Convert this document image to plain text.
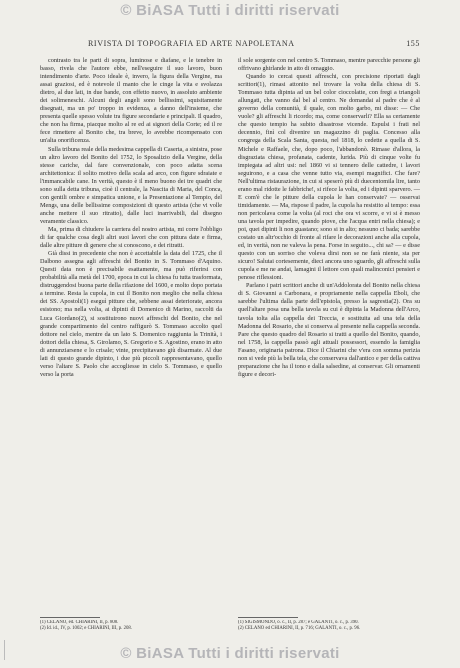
© BiASA Tutti i diritti riservati
RIVISTA DI TOPOGRAFIA ED ARTE NAPOLETANA	155

contrasto tra le parti di sopra, luminose e diafane, e le tenebre in basso, rivela che l'autore ebbe, nell'eseguire il suo lavoro, buon intendimento d'arte. Poco ideale è, invero, la figura della Vergine, ma assai graziosi, ed è notevole il manto che le cinge la vita e svolazza dietro, al due lati, in due bande, con effetto nuovo, in assoluto ambiente dei solimeneschi. Alcuni degli angeli sono bellissimi, squisitamente disegnati, ma un po' troppo in evidenza, a danno dell'insieme, che presenta quelle spesso volute tra figure secondarie e principali. Il quadro, che non ha firma, piacque molto al re ed ai signori della Corte; ed il re fece rimettere al Bonito che, tra breve, lo avrebbe ricompensato con un'alta onorificenza.

Sulla tribuna reale della medesima cappella di Caserta, a sinistra, pose un altro lavoro del Bonito del 1752, lo Sposalizio della Vergine, della stesse cariche, dal fare convenzionale, con poco adatta scena architettonica: il solito motivo della scala ad arco, con figure sdraiate e l'immancabile cane. In verità, questo è il meno buono dei tre quadri che sono sulla detta tribuna, cioè il centrale, la Nascita di Maria, del Conca, con gentili ombre e simpatica unione, e la Presentazione al Tempio, del Mengs, una delle bellissime composizioni di questo artista (che vi volle anche mettere il suo ritratto), dalle luci inarrivabili, dal disegno veramente classico.

Ma, prima di chiudere la carriera del nostro artista, mi corre l'obbligo di far qualche cosa degli altri suoi lavori che con pittura date e firma, dalle altre pitture di genere che si conoscono, e dei ritratti.

Già dissi in precedente che non è accettabile la data del 1725, che il Dalbono assegna agli affreschi del Bonito in S. Tommaso d'Aquino. Questi data non è precisabile esattamente, ma può riferirsi con probabilità alla metà del 1700, epoca in cui la chiesa fu tutta trasformata, distruggendosi buona parte della rifazione del 1600, e molto dopo portata a termine. Resta la cupola, in cui il Bonito non meglio che nella chiesa dei SS. Apostoli(1) eseguì pitture che, sebbene assai deteriorate, ancora esistono; ma nella volta, ai dipinti di Domenico di Marino, raccolti da Luca Giordano(2), si sostituirono nuovi affreschi del Bonito, che nel grande compartimento del centro raffigurò S. Tommaso accolto quel dottore nel cielo, mentre da un lato S. Domenico raggiunta la Trinità, i dottori della chiesa, S. Girolamo, S. Gregorio e S. Agostino, erano in atto di annunziarsene e lo crisale; vinte, precipitavano giù disarmate. Al due lati di questo grande dipinto, i due più piccoli rappresentavano, quello verso l'altare S. Paolo che accogliesse in cielo S. Tommaso, e quello verso la porta

il sole sorgente con nel centro S. Tommaso, mentre parecchie persone gli offrivano ghirlande in atto di omaggio.

Quando io cercai questi affreschi, con precisione riportati dagli scrittori(1), rimasi attonito nel trovare la volta della chiesa di S. Tommaso tutta dipinta ad un bel color cioccolatte, con fregi a triangoli allungati, che vanno dal bel al centro. Ne domandai al padre che è al governo della comunità, il quale, con molto garbo, mi disse: — Che vuole? gli affreschi li ricordo; ma, come conservarli? Ella sa certamente che questo tempio ha subito disastrose vicende. Espulsi i frati nel decennio, finì col divenire un magazzino di paglia. Concesso alla congrega della Scala Santa, questa, nel 1818, lo cedette a quella di S. Michele e Raffaele, che, dopo poco, l'abbandonò. Rimase d'allora, la disgraziata chiesa, profanata, cadente, lurida. Più di cinque volte fu impiegata ad altri usi: nel 1860 vi si tennero delle cattedre, i lavori seguirono, e a casa che venne tutto via, esempi magnifici. Che fare? Nell'ultima ristaurazione, in cui si speserò più di duecentomila lire, tanto erano mal ridotte le fabbriche!, si rifece la volta, ed i dipinti sparvero. — E com'è che le pitture della cupola le han conservate? — osservai timidamente. — Ma, rispose il padre, la cupola ha resistito al tempo: essa non pericolava come la volta (al roci che ora vi scorre, e vi si è messo una tavola per impedire, quando piove, che l'acqua entri nella chiesa); e poi, quei dipinti li non guastano; sono si in alto; nessuno ci bada; sarebbe costato un altr'occhio di fronte al rifare le decorazioni anche alla cupola, ed, in verità, non ne valeva la pena. Forse in seguito..., chi sa? — e disse questo con un sorriso che voleva dirsi non se ne farà niente, sta per sicuro! Salutai cortesemente, dieci ancora uno sguardo, gli affreschi sulla cupola e me ne andai, lamagini il lettore con quali malinconici pensieri e penose riflessioni.

Parlano i patri scrittori anche di un'Addolorata del Bonito nella chiesa di S. Giovanni a Carbonara, e propriamente nella cappella Eboli, che sarebbe l'ultima dalla parte dell'epistola, presso la sagrestia(2). Ora su quell'altare posa una bella tavola su cui è dipinta la Madonna dell'Arco, tavola tolta alla cappella dei Treccia, e sostituita ad una tela della Madonna del Rosario, che si conserva al presente nella cappella seconda. Pare che questo quadro del Rosario si tratti a quello del Bonito, quando, nel 1758, la cappella passò agli attuali possessori, essendo la famiglia Fasano, originaria patrona. Dice il Chiarini che v'era con somma perizia non si vede più la bella tela, che conservava dall'antico e per della cattiva preparazione che ha il tono e dalla salsedine, ai conservar. Gli ornamenti figure e decori-

(1) CELANO, ed. CHIARINI, II, p. 808.
(2) Id. id., IV, p. 1002; e CHIARINI, III, p. 208.
(1) SIGISMONDO, o. c., II, p. 287; e GALANTI, o. c., p. 390.
(2) CELANO ed CHIARINI, II, p. 716; GALANTI, o. c., p. 96.
© BiASA Tutti i diritti riservati
